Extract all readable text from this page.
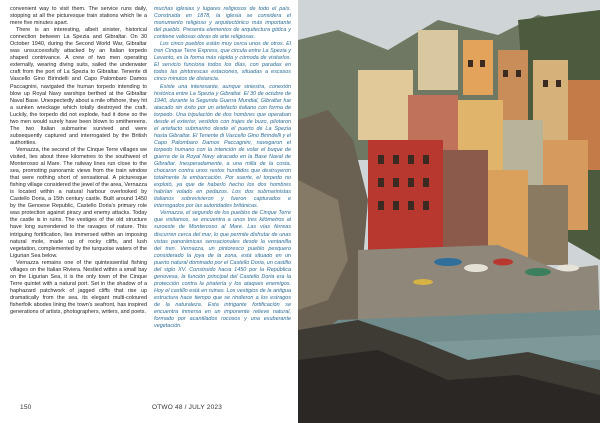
convenient way to visit them. The service runs daily, stopping at all the picturesque train stations which lie a mere five minutes apart.

There is an interesting, albeit sinister, historical connection between La Spezia and Gibraltar. On 30 October 1940, during the Second World War, Gibraltar was unsuccessfully attacked by an Italian torpedo shaped contrivance. A crew of two men operating externally, wearing diving suits, sailed the underwater craft from the port of La Spezia to Gibraltar. Tenente di Vascello Gino Birindelli and Capo Palombaro Damos Paccagnini, navigated the human torpedo intending to blow up Royal Navy warships berthed at the Gibraltar Naval Base. Unexpectedly about a mile offshore, they hit a sunken wreckage which totally destroyed the craft. Luckily, the torpedo did not explode, had it done so the two men would surely have been blown to smithereens. The two Italian submarine survived and were subsequently captured and interrogated by the British authorities.

Vernazza, the second of the Cinque Terre villages we visited, lies about three kilometres to the southwest of Monterosso al Mare. The railway lines run close to the sea, promoting panoramic views from the train window that were nothing short of sensational. A picturesque fishing village considered the jewel of the area, Vernazza is located within a natural harbour overlooked by Castello Doria, a 15th century castle. Built around 1450 by the Genoese Republic, Castello Doria's primary role was protection against piracy and enemy attacks. Today the castle is in ruins. The vestiges of the old structure have long surrendered to the ravages of nature. This intriguing fortification, lies immersed within an imposing natural mole, made up of rocky cliffs, and lush vegetation, complemented by the turquoise waters of the Ligurian Sea below.

Vernazza remains one of the quintessential fishing villages on the Italian Riviera. Nestled within a small bay on the Ligurian Sea, it is the only town of the Cinque Terre quintet with a natural port. Set in the shadow of a haphazard patchwork of jagged cliffs that rise up dramatically from the sea, its elegant multi-coloured fisherfolk abodes lining the town's seafront, has inspired generations of artists, photographers, writers, and poets.

muchas iglesias y lugares religiosos de todo el país. Construida en 1878, la iglesia se considera el monumento religioso y arquitectónico más importante del pueblo. Presenta elementos de arquitectura gótica y contiene valiosas obras de arte religiosas.

Los cinco pueblos están muy cerca unos de otros. El tren Cinque Terre Express, que circula entre La Spezia y Levanto, es la forma más rápida y cómoda de visitarlos. El servicio funciona todos los días, con paradas en todas las pintorescas estaciones, situadas a escasos cinco minutos de distancia.

Existe una interesante, aunque siniestra, conexión histórica entre La Spezia y Gibraltar. El 30 de octubre de 1940, durante la Segunda Guerra Mundial, Gibraltar fue atacado sin éxito por un artefacto italiano con forma de torpedo. Una tripulación de dos hombres que operaban desde el exterior, vestidos con trajes de buzo, pilotaron el artefacto submarino desde el puerto de La Spezia hasta Gibraltar. El Tenente di Vascello Gino Birindelli y el Capo Palombaro Damos Paccagnini, navegaron el torpedo humano con la intención de volar el buque de guerra de la Royal Navy atracado en la Base Naval de Gibraltar. Inesperadamente, a una milla de la costa, chocaron contra unos restos hundidos que destruyeron totalmente la embarcación. Por suerte, el torpedo no explotó, ya que de haberlo hecho los dos hombres habrían volado en pedazos. Los dos submarinistas italianos sobrevivieron y fueron capturados e interrogados por las autoridades británicas.

Vernazza, el segundo de los pueblos de Cinque Terre que visitamos, se encuentra a unos tres kilómetros al suroeste de Monterosso al Mare. Las vías férreas discurren cerca del mar, lo que permite disfrutar de unas vistas panorámicas sensacionales desde la ventanilla del tren. Vernazza, un pintoresco pueblo pesquero considerado la joya de la zona, está situado en un puerto natural dominado por el Castello Doria, un castillo del siglo XV. Construido hacia 1450 por la República genovesa, la función principal del Castello Doria era la protección contra la piratería y los ataques enemigos. Hoy el castillo está en ruinas. Los vestigios de la antigua estructura hace tiempo que se rindieron a los estragos de la naturaleza. Esta intrigante fortificación se encuentra inmersa en un imponente relieve natural, formado por acantilados rocosos y una exuberante vegetación.

150	OTWO 48 / JULY 2023
